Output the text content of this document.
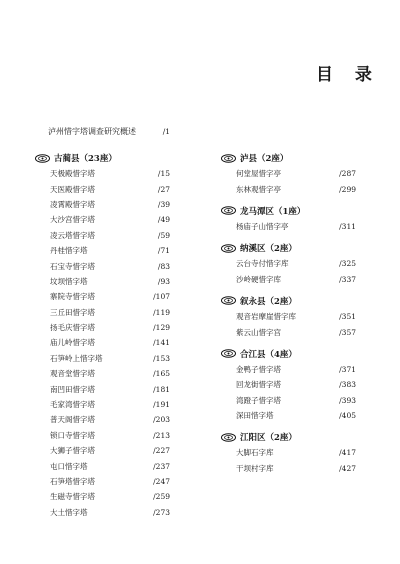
目 录
泸州惜字塔调查研究概述	/1
古蔺县（23座）
天极殿惜字塔	/15
天医殿惜字塔	/27
凌霄殿惜字塔	/39
大沙宫惜字塔	/49
凌云塔惜字塔	/59
丹桂惜字塔	/71
石宝寺惜字塔	/83
坟坝惜字塔	/93
寨院寺惜字塔	/107
三丘田惜字塔	/119
扬毛庆惜字塔	/129
庙儿岭惜字塔	/141
石笋岭上惜字塔	/153
观音堂惜字塔	/165
南凹田惜字塔	/181
毛家湾惜字塔	/191
普天阁惜字塔	/203
锁口寺惜字塔	/213
大狮子惜字塔	/227
屯口惜字塔	/237
石笋塔惜字塔	/247
生磁寺惜字塔	/259
大土惜字塔	/273
泸县（2座）
何堂屋惜字亭	/287
东林观惜字亭	/299
龙马潭区（1座）
杨庙子山惜字亭	/311
纳溪区（2座）
云台寺付惜字库	/325
沙岭硬惜字库	/337
叙永县（2座）
观音岩摩崖惜字库	/351
紫云山惜字宫	/357
合江县（4座）
金鸭子惜字塔	/371
回龙街惜字塔	/383
湾蹬子惜字塔	/393
深田惜字塔	/405
江阳区（2座）
大脚石字库	/417
干坝村字库	/427
